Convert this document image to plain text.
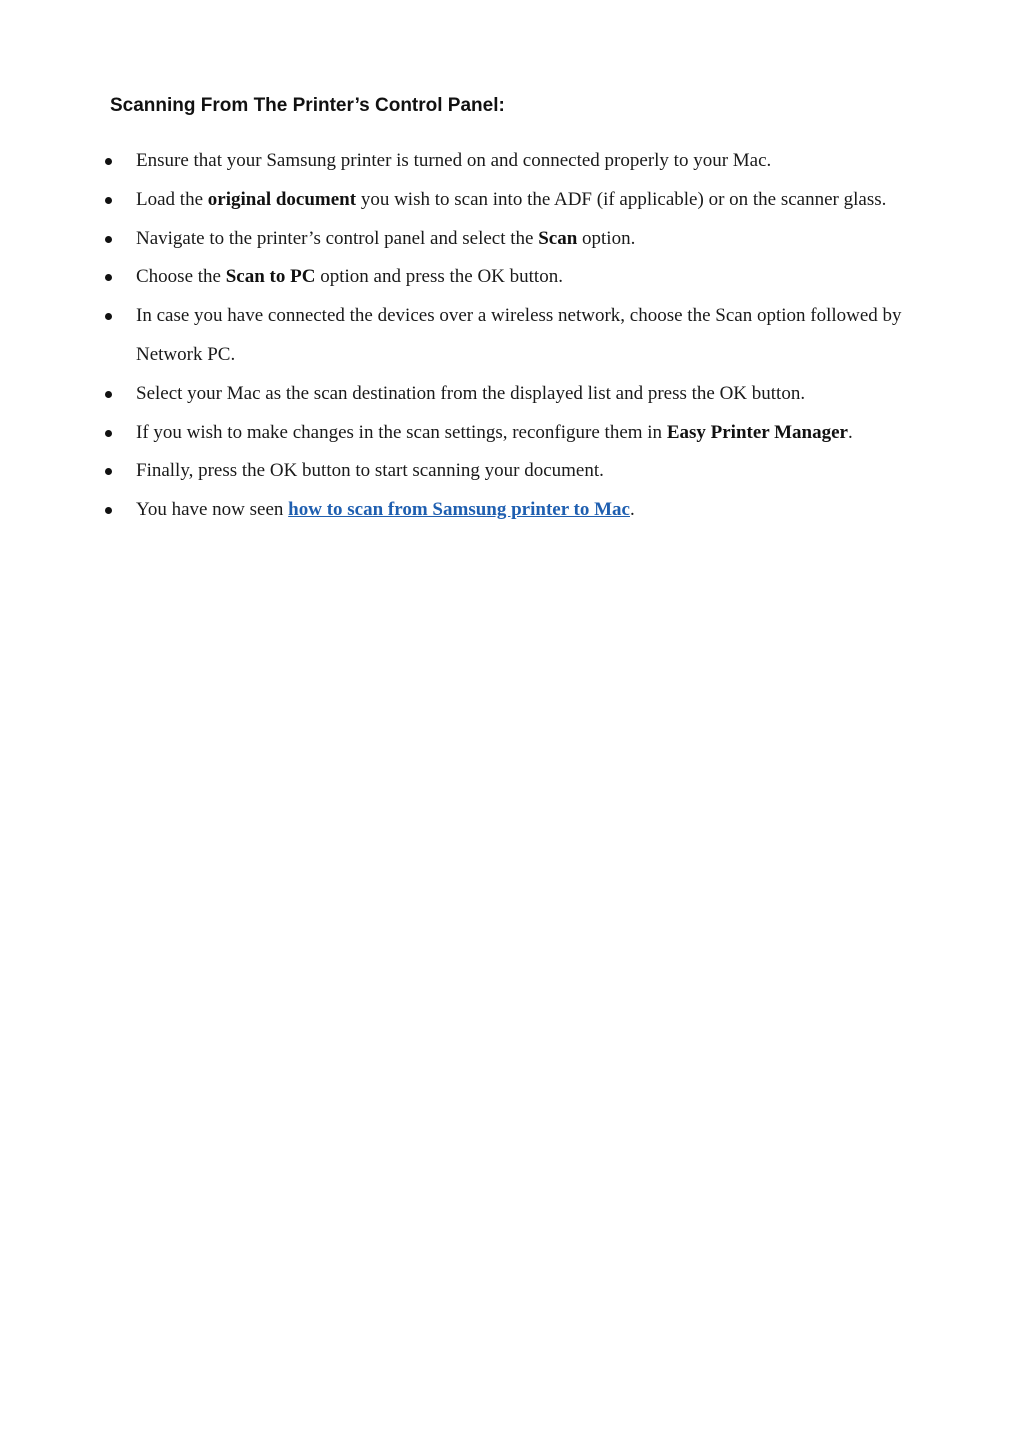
Scanning From The Printer’s Control Panel:
Ensure that your Samsung printer is turned on and connected properly to your Mac.
Load the original document you wish to scan into the ADF (if applicable) or on the scanner glass.
Navigate to the printer’s control panel and select the Scan option.
Choose the Scan to PC option and press the OK button.
In case you have connected the devices over a wireless network, choose the Scan option followed by Network PC.
Select your Mac as the scan destination from the displayed list and press the OK button.
If you wish to make changes in the scan settings, reconfigure them in Easy Printer Manager.
Finally, press the OK button to start scanning your document.
You have now seen how to scan from Samsung printer to Mac.
